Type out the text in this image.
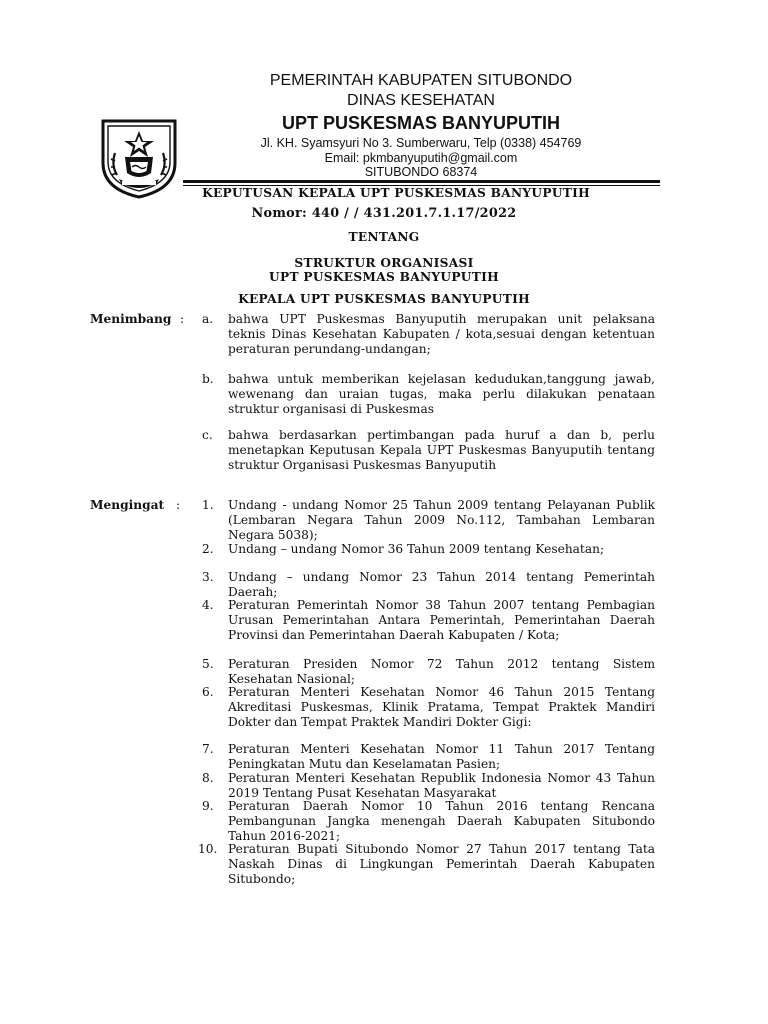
PEMERINTAH KABUPATEN SITUBONDO
DINAS KESEHATAN
UPT PUSKESMAS BANYUPUTIH
Jl. KH. Syamsyuri No 3. Sumberwaru, Telp (0338) 454769
Email: pkmbanyuputih@gmail.com
SITUBONDO 68374
KEPUTUSAN KEPALA UPT PUSKESMAS BANYUPUTIH
Nomor: 440 / / 431.201.7.1.17/2022
TENTANG
STRUKTUR ORGANISASI
UPT PUSKESMAS BANYUPUTIH
KEPALA UPT PUSKESMAS BANYUPUTIH
Menimbang : a. bahwa UPT Puskesmas Banyuputih merupakan unit pelaksana teknis Dinas Kesehatan Kabupaten / kota,sesuai dengan ketentuan peraturan perundang-undangan;
b. bahwa untuk memberikan kejelasan kedudukan,tanggung jawab, wewenang dan uraian tugas, maka perlu dilakukan penataan struktur organisasi di Puskesmas
c. bahwa berdasarkan pertimbangan pada huruf a dan b, perlu menetapkan Keputusan Kepala UPT Puskesmas Banyuputih tentang struktur Organisasi Puskesmas Banyuputih
Mengingat : 1. Undang - undang Nomor 25 Tahun 2009 tentang Pelayanan Publik (Lembaran Negara Tahun 2009 No.112, Tambahan Lembaran Negara 5038);
2. Undang – undang Nomor 36 Tahun 2009 tentang Kesehatan;
3. Undang – undang Nomor 23 Tahun 2014 tentang Pemerintah Daerah;
4. Peraturan Pemerintah Nomor 38 Tahun 2007 tentang Pembagian Urusan Pemerintahan Antara Pemerintah, Pemerintahan Daerah Provinsi dan Pemerintahan Daerah Kabupaten / Kota;
5. Peraturan Presiden Nomor 72 Tahun 2012 tentang Sistem Kesehatan Nasional;
6. Peraturan Menteri Kesehatan Nomor 46 Tahun 2015 Tentang Akreditasi Puskesmas, Klinik Pratama, Tempat Praktek Mandiri Dokter dan Tempat Praktek Mandiri Dokter Gigi:
7. Peraturan Menteri Kesehatan Nomor 11 Tahun 2017 Tentang Peningkatan Mutu dan Keselamatan Pasien;
8. Peraturan Menteri Kesehatan Republik Indonesia Nomor 43 Tahun 2019 Tentang Pusat Kesehatan Masyarakat
9. Peraturan Daerah Nomor 10 Tahun 2016 tentang Rencana Pembangunan Jangka menengah Daerah Kabupaten Situbondo Tahun 2016-2021;
10. Peraturan Bupati Situbondo Nomor 27 Tahun 2017 tentang Tata Naskah Dinas di Lingkungan Pemerintah Daerah Kabupaten Situbondo;
